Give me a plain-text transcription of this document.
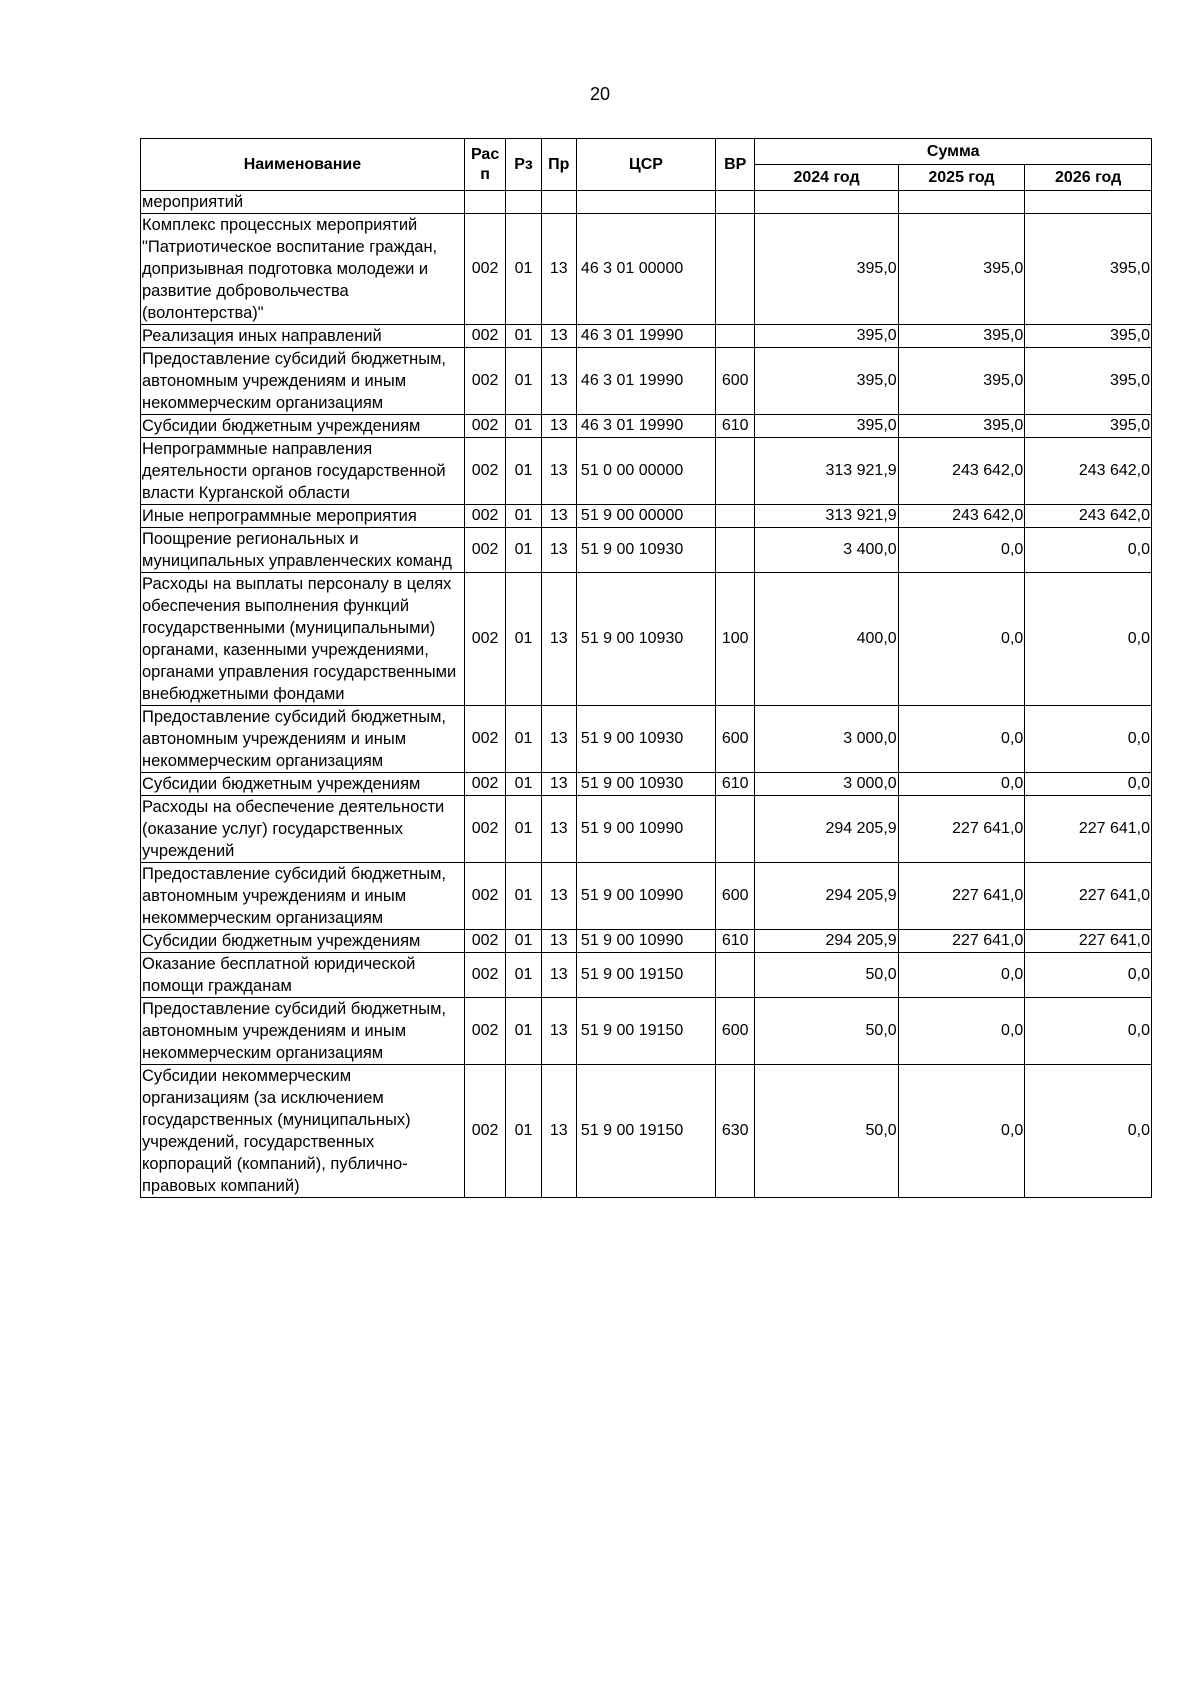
20
Наименование	Рас п	Рз	Пр	ЦСР	ВР	Сумма		
						2024 год	2025 год	2026 год
мероприятий								
Комплекс процессных мероприятий "Патриотическое воспитание граждан, допризывная подготовка молодежи и развитие добровольчества (волонтерства)"	002	01	13	46 3 01 00000		395,0	395,0	395,0
Реализация иных направлений	002	01	13	46 3 01 19990		395,0	395,0	395,0
Предоставление субсидий бюджетным, автономным учреждениям и иным некоммерческим организациям	002	01	13	46 3 01 19990	600	395,0	395,0	395,0
Субсидии бюджетным учреждениям	002	01	13	46 3 01 19990	610	395,0	395,0	395,0
Непрограммные направления деятельности органов государственной власти Курганской области	002	01	13	51 0 00 00000		313 921,9	243 642,0	243 642,0
Иные непрограммные мероприятия	002	01	13	51 9 00 00000		313 921,9	243 642,0	243 642,0
Поощрение региональных и муниципальных управленческих команд	002	01	13	51 9 00 10930		3 400,0	0,0	0,0
Расходы на выплаты персоналу в целях обеспечения выполнения функций государственными (муниципальными) органами, казенными учреждениями, органами управления государственными внебюджетными фондами	002	01	13	51 9 00 10930	100	400,0	0,0	0,0
Предоставление субсидий бюджетным, автономным учреждениям и иным некоммерческим организациям	002	01	13	51 9 00 10930	600	3 000,0	0,0	0,0
Субсидии бюджетным учреждениям	002	01	13	51 9 00 10930	610	3 000,0	0,0	0,0
Расходы на обеспечение деятельности (оказание услуг) государственных учреждений	002	01	13	51 9 00 10990		294 205,9	227 641,0	227 641,0
Предоставление субсидий бюджетным, автономным учреждениям и иным некоммерческим организациям	002	01	13	51 9 00 10990	600	294 205,9	227 641,0	227 641,0
Субсидии бюджетным учреждениям	002	01	13	51 9 00 10990	610	294 205,9	227 641,0	227 641,0
Оказание бесплатной юридической помощи гражданам	002	01	13	51 9 00 19150		50,0	0,0	0,0
Предоставление субсидий бюджетным, автономным учреждениям и иным некоммерческим организациям	002	01	13	51 9 00 19150	600	50,0	0,0	0,0
Субсидии некоммерческим организациям (за исключением государственных (муниципальных) учреждений, государственных корпораций (компаний), публично-правовых компаний)	002	01	13	51 9 00 19150	630	50,0	0,0	0,0
